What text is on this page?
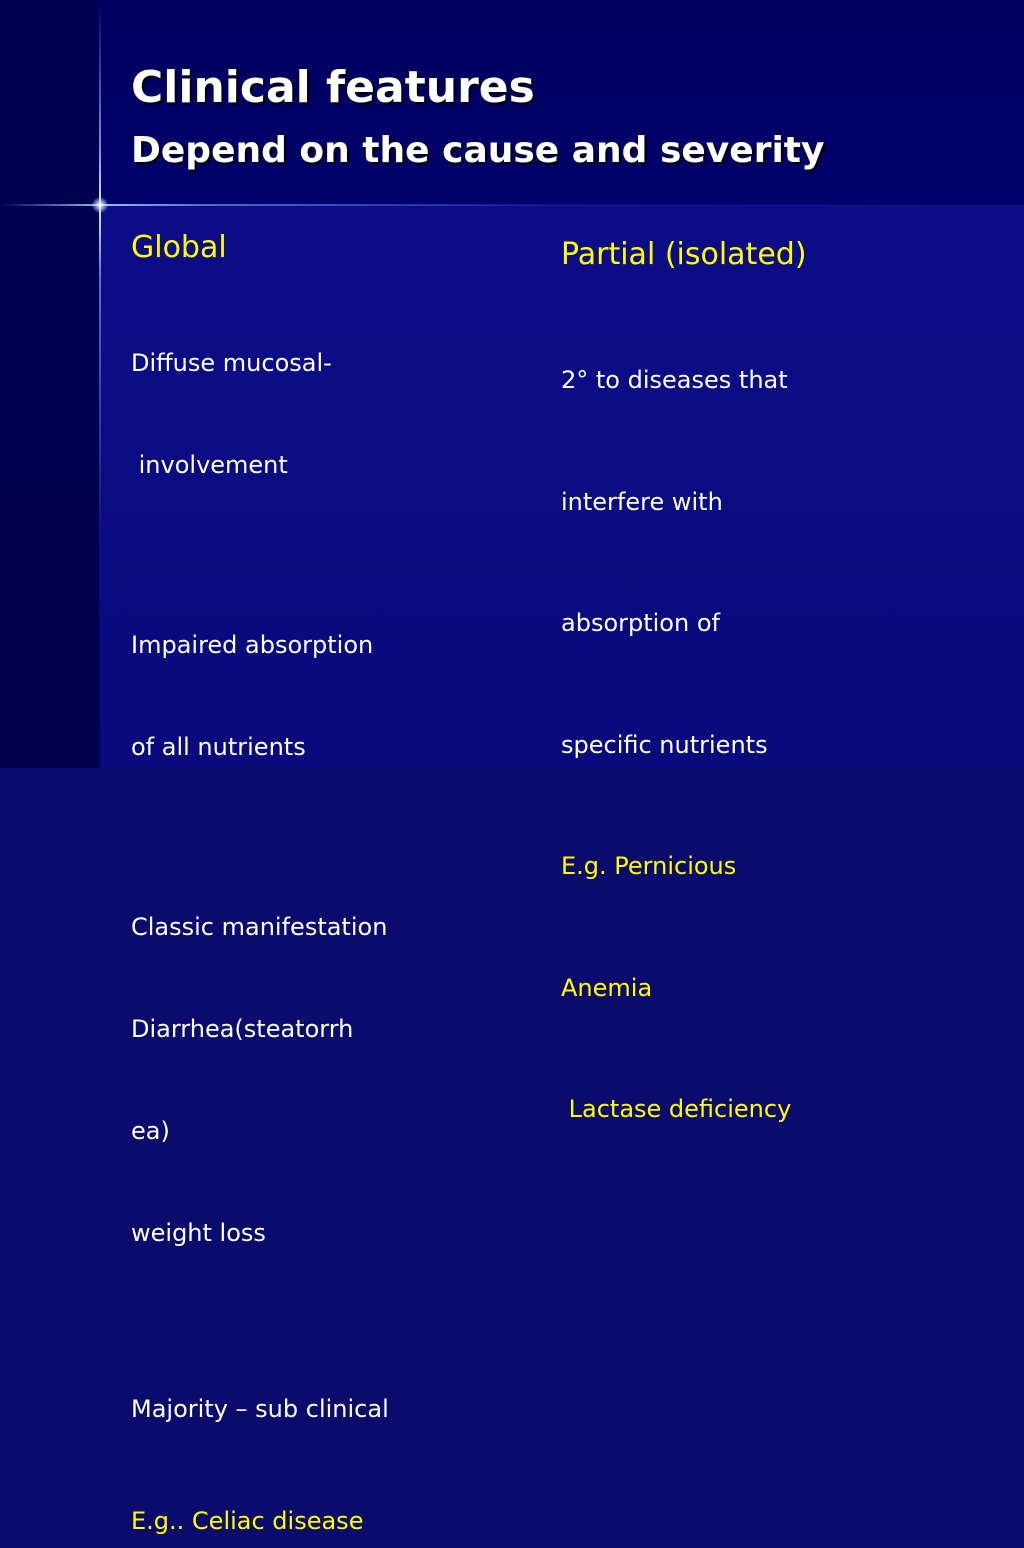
Clinical features
Depend on the cause and severity
Global

Diffuse mucosal-

involvement

Impaired absorption

of all nutrients

Classic manifestation

Diarrhea(steatorrh

ea)

weight loss

Majority – sub clinical

E.g.. Celiac disease
Partial (isolated)

2° to diseases that

interfere with

absorption of

specific nutrients

E.g. Pernicious

Anemia

Lactase deficiency
